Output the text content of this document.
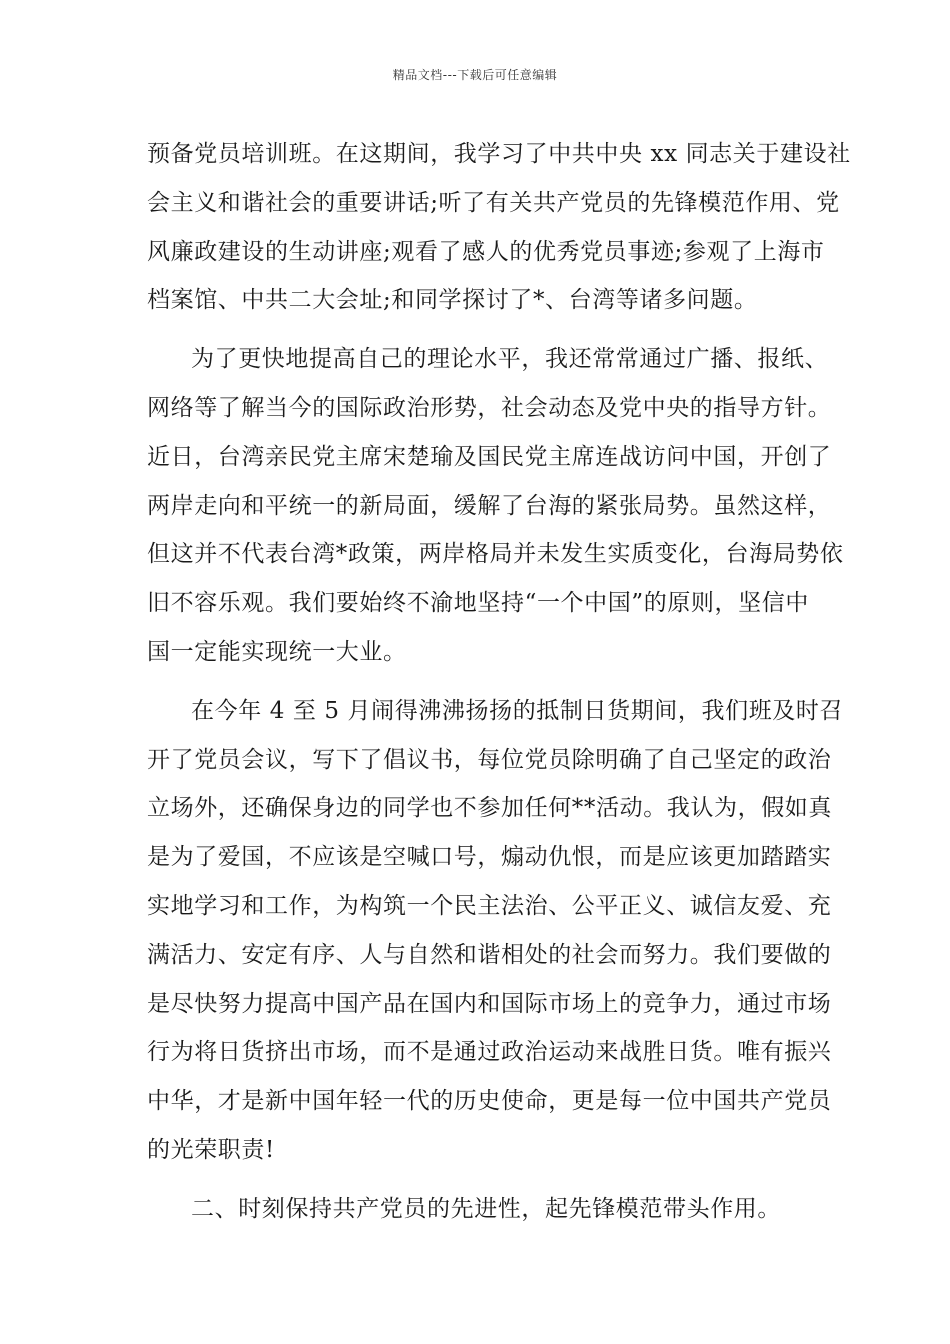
精品文档---下载后可任意编辑
预备党员培训班。在这期间，我学习了中共中央 xx 同志关于建设社
会主义和谐社会的重要讲话;听了有关共产党员的先锋模范作用、党
风廉政建设的生动讲座;观看了感人的优秀党员事迹;参观了上海市
档案馆、中共二大会址;和同学探讨了*、台湾等诸多问题。
为了更快地提高自己的理论水平，我还常常通过广播、报纸、
网络等了解当今的国际政治形势，社会动态及党中央的指导方针。
近日，台湾亲民党主席宋楚瑜及国民党主席连战访问中国，开创了
两岸走向和平统一的新局面，缓解了台海的紧张局势。虽然这样，
但这并不代表台湾*政策，两岸格局并未发生实质变化，台海局势依
旧不容乐观。我们要始终不渝地坚持“一个中国”的原则，坚信中
国一定能实现统一大业。
在今年 4 至 5 月闹得沸沸扬扬的抵制日货期间，我们班及时召
开了党员会议，写下了倡议书，每位党员除明确了自己坚定的政治
立场外，还确保身边的同学也不参加任何**活动。我认为，假如真
是为了爱国，不应该是空喊口号，煽动仇恨，而是应该更加踏踏实
实地学习和工作，为构筑一个民主法治、公平正义、诚信友爱、充
满活力、安定有序、人与自然和谐相处的社会而努力。我们要做的
是尽快努力提高中国产品在国内和国际市场上的竞争力，通过市场
行为将日货挤出市场，而不是通过政治运动来战胜日货。唯有振兴
中华，才是新中国年轻一代的历史使命，更是每一位中国共产党员
的光荣职责!
二、时刻保持共产党员的先进性，起先锋模范带头作用。
